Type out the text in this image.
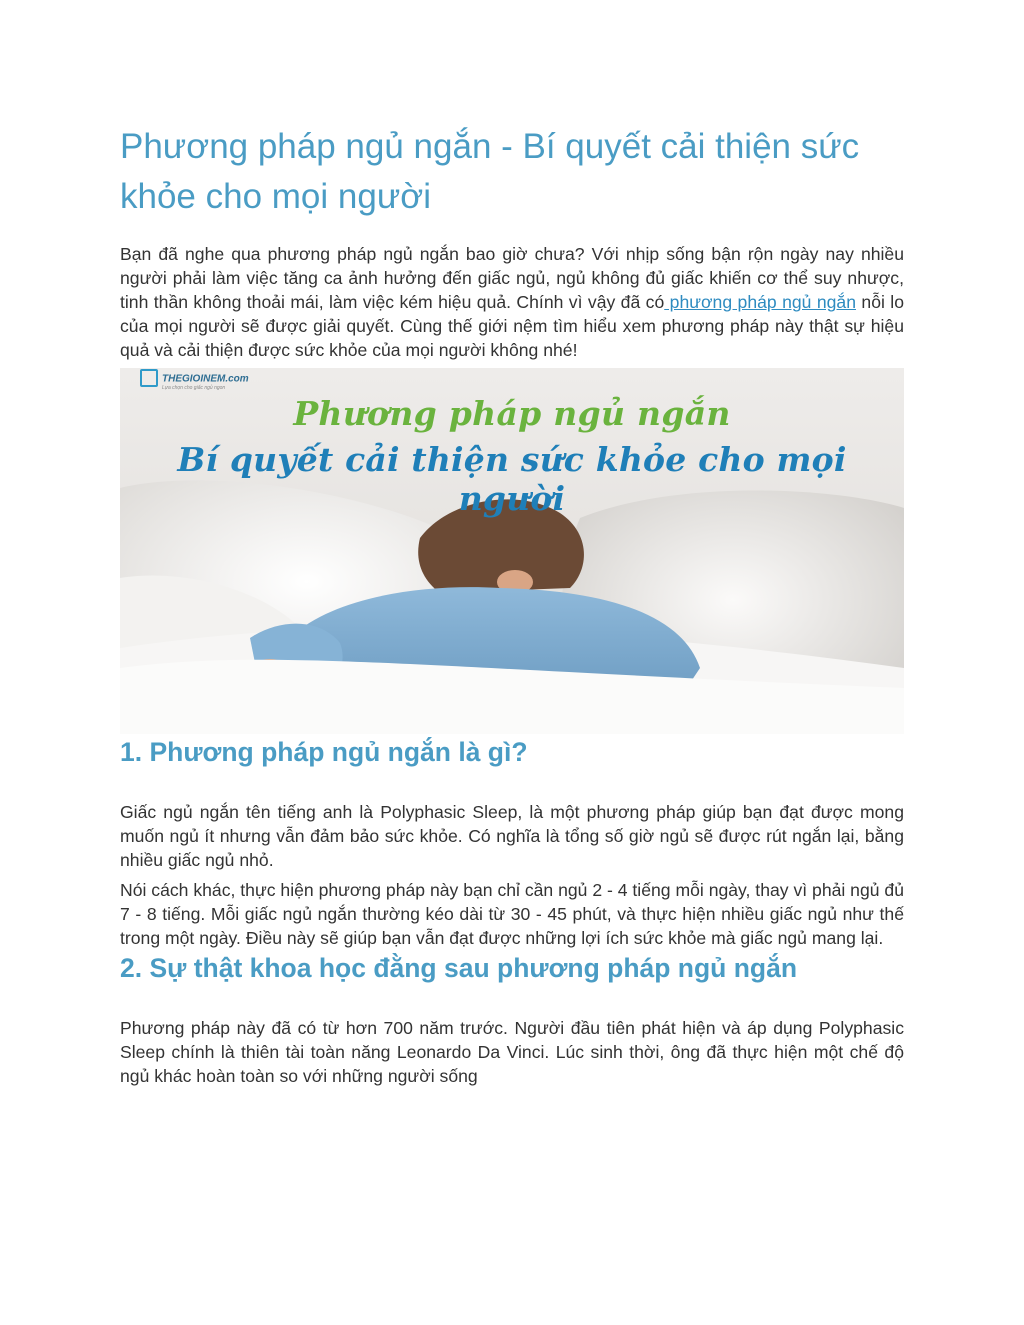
Phương pháp ngủ ngắn - Bí quyết cải thiện sức khỏe cho mọi người

Bạn đã nghe qua phương pháp ngủ ngắn bao giờ chưa? Với nhịp sống bận rộn ngày nay nhiều người phải làm việc tăng ca ảnh hưởng đến giấc ngủ, ngủ không đủ giấc khiến cơ thể suy nhược, tinh thần không thoải mái, làm việc kém hiệu quả. Chính vì vậy đã có phương pháp ngủ ngắn nỗi lo của mọi người sẽ được giải quyết. Cùng thế giới nệm tìm hiểu xem phương pháp này thật sự hiệu quả và cải thiện được sức khỏe của mọi người không nhé!

THEGIOINEM.com
Lựa chọn cho giấc ngủ ngon
Phương pháp ngủ ngắn
Bí quyết cải thiện sức khỏe cho mọi người
1. Phương pháp ngủ ngắn là gì?

Giấc ngủ ngắn tên tiếng anh là Polyphasic Sleep, là một phương pháp giúp bạn đạt được mong muốn ngủ ít nhưng vẫn đảm bảo sức khỏe. Có nghĩa là tổng số giờ ngủ sẽ được rút ngắn lại, bằng nhiều giấc ngủ nhỏ.

Nói cách khác, thực hiện phương pháp này bạn chỉ cần ngủ 2 - 4 tiếng mỗi ngày, thay vì phải ngủ đủ 7 - 8 tiếng. Mỗi giấc ngủ ngắn thường kéo dài từ 30 - 45 phút, và thực hiện nhiều giấc ngủ như thế trong một ngày. Điều này sẽ giúp bạn vẫn đạt được những lợi ích sức khỏe mà giấc ngủ mang lại.

2. Sự thật khoa học đằng sau phương pháp ngủ ngắn

Phương pháp này đã có từ hơn 700 năm trước. Người đầu tiên phát hiện và áp dụng Polyphasic Sleep chính là thiên tài toàn năng Leonardo Da Vinci. Lúc sinh thời, ông đã thực hiện một chế độ ngủ khác hoàn toàn so với những người sống
